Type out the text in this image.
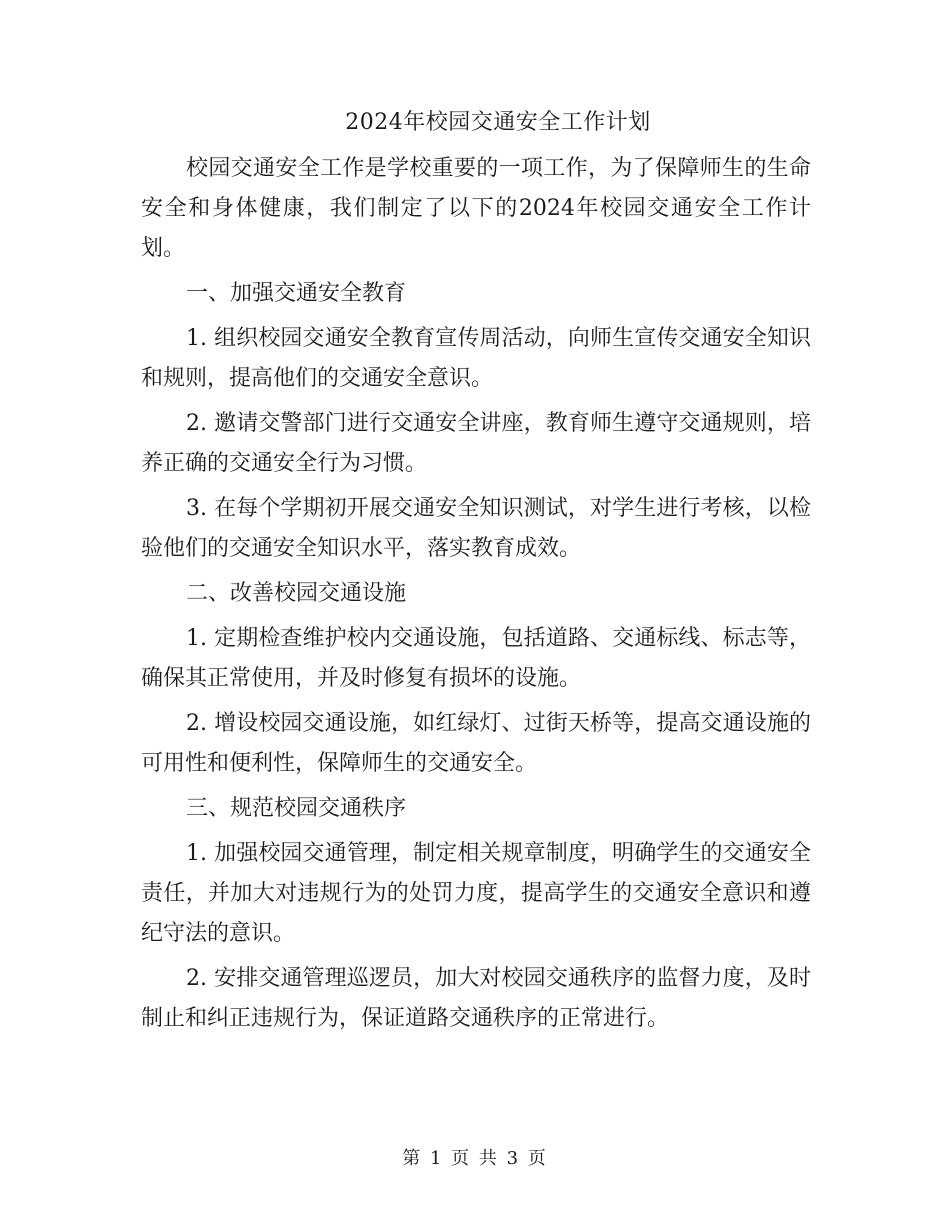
2024年校园交通安全工作计划

校园交通安全工作是学校重要的一项工作，为了保障师生的生命安全和身体健康，我们制定了以下的2024年校园交通安全工作计划。

一、加强交通安全教育

1. 组织校园交通安全教育宣传周活动，向师生宣传交通安全知识和规则，提高他们的交通安全意识。

2. 邀请交警部门进行交通安全讲座，教育师生遵守交通规则，培养正确的交通安全行为习惯。

3. 在每个学期初开展交通安全知识测试，对学生进行考核，以检验他们的交通安全知识水平，落实教育成效。

二、改善校园交通设施

1. 定期检查维护校内交通设施，包括道路、交通标线、标志等，确保其正常使用，并及时修复有损坏的设施。

2. 增设校园交通设施，如红绿灯、过街天桥等，提高交通设施的可用性和便利性，保障师生的交通安全。

三、规范校园交通秩序

1. 加强校园交通管理，制定相关规章制度，明确学生的交通安全责任，并加大对违规行为的处罚力度，提高学生的交通安全意识和遵纪守法的意识。

2. 安排交通管理巡逻员，加大对校园交通秩序的监督力度，及时制止和纠正违规行为，保证道路交通秩序的正常进行。

第 1 页 共 3 页
